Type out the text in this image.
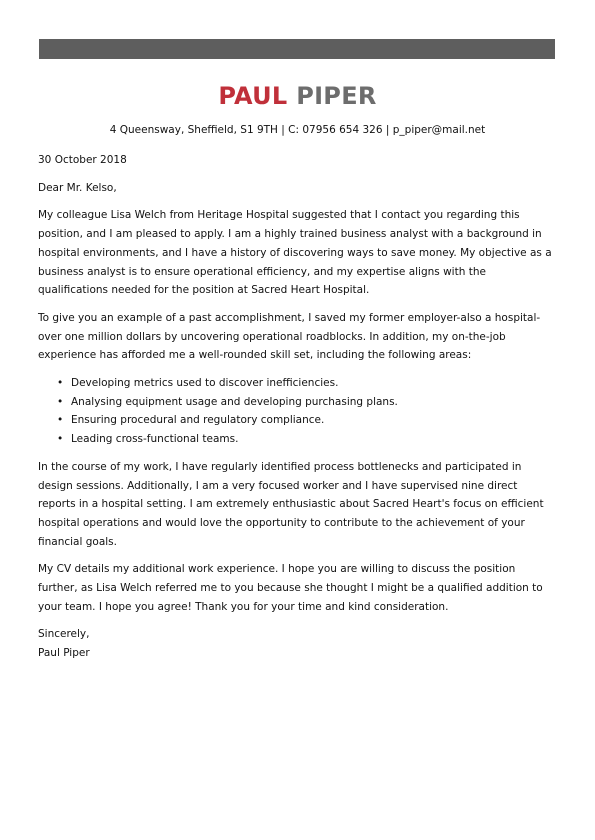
PAUL PIPER
4 Queensway, Sheffield, S1 9TH | C: 07956 654 326 | p_piper@mail.net

30 October 2018

Dear Mr. Kelso,

My colleague Lisa Welch from Heritage Hospital suggested that I contact you regarding this position, and I am pleased to apply. I am a highly trained business analyst with a background in hospital environments, and I have a history of discovering ways to save money. My objective as a business analyst is to ensure operational efficiency, and my expertise aligns with the qualifications needed for the position at Sacred Heart Hospital.

To give you an example of a past accomplishment, I saved my former employer-also a hospital-over one million dollars by uncovering operational roadblocks. In addition, my on-the-job experience has afforded me a well-rounded skill set, including the following areas:

• Developing metrics used to discover inefficiencies.
• Analysing equipment usage and developing purchasing plans.
• Ensuring procedural and regulatory compliance.
• Leading cross-functional teams.

In the course of my work, I have regularly identified process bottlenecks and participated in design sessions. Additionally, I am a very focused worker and I have supervised nine direct reports in a hospital setting. I am extremely enthusiastic about Sacred Heart's focus on efficient hospital operations and would love the opportunity to contribute to the achievement of your financial goals.

My CV details my additional work experience. I hope you are willing to discuss the position further, as Lisa Welch referred me to you because she thought I might be a qualified addition to your team. I hope you agree! Thank you for your time and kind consideration.

Sincerely,

Paul Piper
